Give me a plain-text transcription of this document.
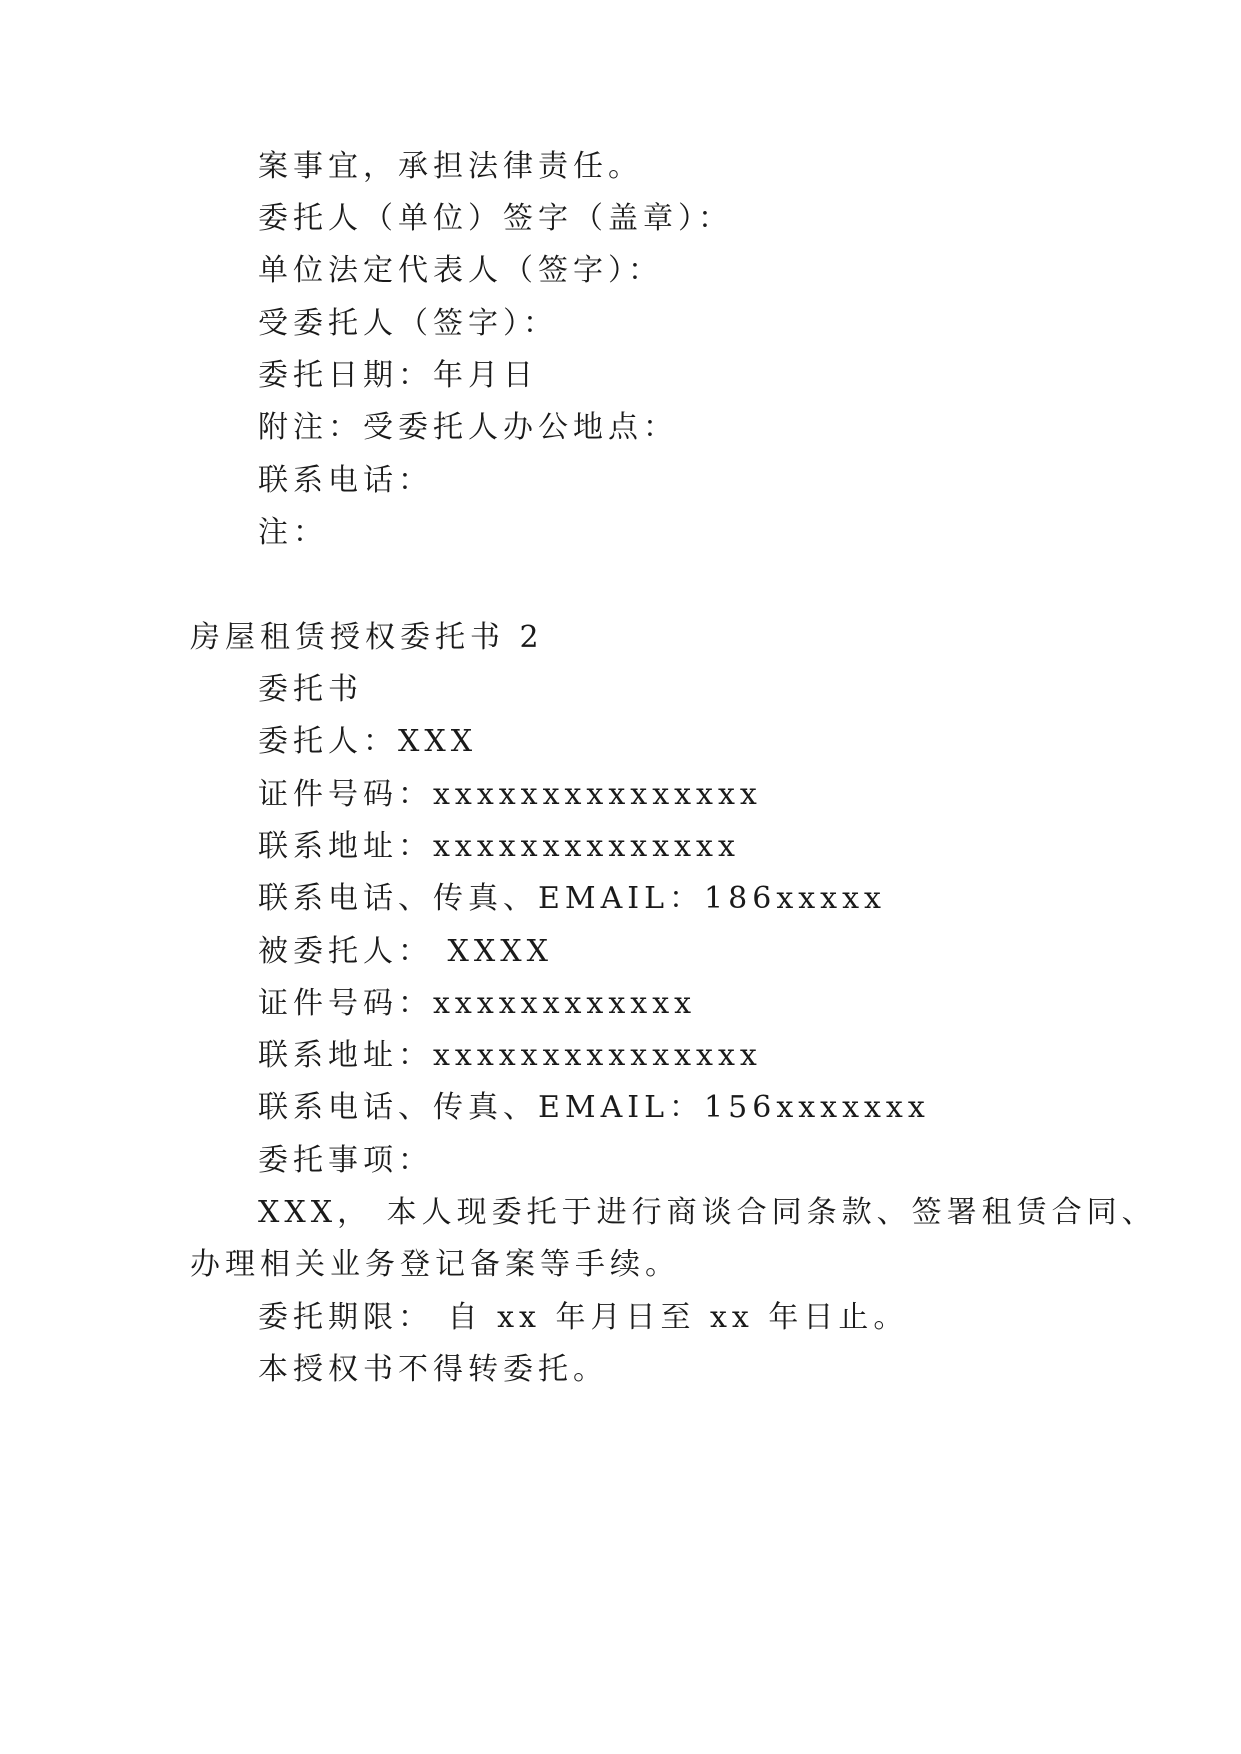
案事宜，承担法律责任。
委托人（单位）签字（盖章）：
单位法定代表人（签字）：
受委托人（签字）：
委托日期：年月日
附注：受委托人办公地点：
联系电话：
注：
房屋租赁授权委托书 2
委托书
委托人：XXX
证件号码：xxxxxxxxxxxxxxx
联系地址：xxxxxxxxxxxxxx
联系电话、传真、EMAIL：186xxxxx
被委托人： XXXX
证件号码：xxxxxxxxxxxx
联系地址：xxxxxxxxxxxxxxx
联系电话、传真、EMAIL：156xxxxxxx
委托事项：
XXX， 本人现委托于进行商谈合同条款、签署租赁合同、
办理相关业务登记备案等手续。
委托期限： 自 xx 年月日至 xx 年日止。
本授权书不得转委托。
